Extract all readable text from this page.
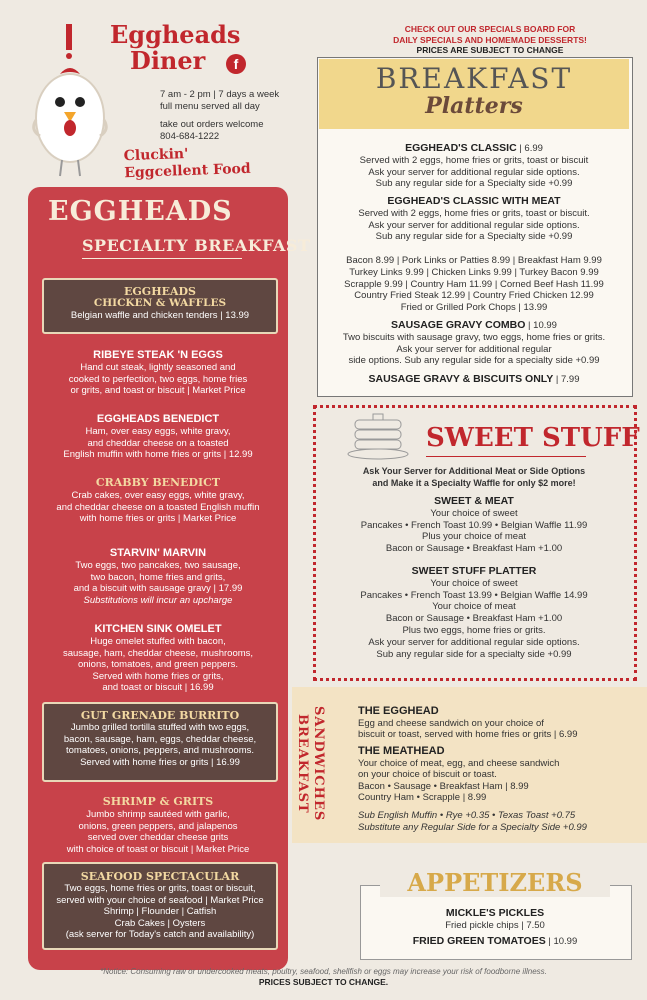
Eggheads
Diner	f
7 am - 2 pm | 7 days a week
full menu served all day
take out orders welcome
804-684-1222
Cluckin'
Eggcellent Food
CHECK OUT OUR SPECIALS BOARD FOR
DAILY SPECIALS AND HOMEMADE DESSERTS!
PRICES ARE SUBJECT TO CHANGE
EGGHEADS
SPECIALTY BREAKFAST
EGGHEADS
CHICKEN & WAFFLES
Belgian waffle and chicken tenders | 13.99
RIBEYE STEAK 'N EGGS
Hand cut steak, lightly seasoned and
cooked to perfection, two eggs, home fries
or grits, and toast or biscuit | Market Price
EGGHEADS BENEDICT
Ham, over easy eggs, white gravy,
and cheddar cheese on a toasted
English muffin with home fries or grits | 12.99
CRABBY BENEDICT
Crab cakes, over easy eggs, white gravy,
and cheddar cheese on a toasted English muffin
with home fries or grits | Market Price
STARVIN' MARVIN
Two eggs, two pancakes, two sausage,
two bacon, home fries and grits,
and a biscuit with sausage gravy | 17.99
Substitutions will incur an upcharge
KITCHEN SINK OMELET
Huge omelet stuffed with bacon,
sausage, ham, cheddar cheese, mushrooms,
onions, tomatoes, and green peppers.
Served with home fries or grits,
and toast or biscuit | 16.99
GUT GRENADE BURRITO
Jumbo grilled tortilla stuffed with two eggs,
bacon, sausage, ham, eggs, cheddar cheese,
tomatoes, onions, peppers, and mushrooms.
Served with home fries or grits | 16.99
SHRIMP & GRITS
Jumbo shrimp sautéed with garlic,
onions, green peppers, and jalapenos
served over cheddar cheese grits
with choice of toast or biscuit | Market Price
SEAFOOD SPECTACULAR
Two eggs, home fries or grits, toast or biscuit,
served with your choice of seafood | Market Price
Shrimp | Flounder | Catfish
Crab Cakes | Oysters
(ask server for Today's catch and availability)
BREAKFAST
Platters
EGGHEAD'S CLASSIC | 6.99
Served with 2 eggs, home fries or grits, toast or biscuit
Ask your server for additional regular side options.
Sub any regular side for a Specialty side +0.99
EGGHEAD'S CLASSIC WITH MEAT
Served with 2 eggs, home fries or grits, toast or biscuit.
Ask your server for additional regular side options.
Sub any regular side for a Specialty side +0.99
Bacon 8.99 | Pork Links or Patties 8.99 | Breakfast Ham 9.99
Turkey Links 9.99 | Chicken Links 9.99 | Turkey Bacon 9.99
Scrapple 9.99 | Country Ham 11.99 | Corned Beef Hash 11.99
Country Fried Steak 12.99 | Country Fried Chicken 12.99
Fried or Grilled Pork Chops | 13.99
SAUSAGE GRAVY COMBO | 10.99
Two biscuits with sausage gravy, two eggs, home fries or grits.
Ask your server for additional regular
side options. Sub any regular side for a specialty side +0.99
SAUSAGE GRAVY & BISCUITS ONLY | 7.99
SWEET STUFF
Ask Your Server for Additional Meat or Side Options
and Make it a Specialty Waffle for only $2 more!
SWEET & MEAT
Your choice of sweet
Pancakes • French Toast 10.99 • Belgian Waffle 11.99
Plus your choice of meat
Bacon or Sausage • Breakfast Ham +1.00
SWEET STUFF PLATTER
Your choice of sweet
Pancakes • French Toast 13.99 • Belgian Waffle 14.99
Your choice of meat
Bacon or Sausage • Breakfast Ham +1.00
Plus two eggs, home fries or grits.
Ask your server for additional regular side options.
Sub any regular side for a specialty side +0.99
BREAKFAST SANDWICHES	THE EGGHEAD
Egg and cheese sandwich on your choice of
biscuit or toast, served with home fries or grits | 6.99
THE MEATHEAD
Your choice of meat, egg, and cheese sandwich
on your choice of biscuit or toast.
Bacon • Sausage • Breakfast Ham | 8.99
Country Ham • Scrapple | 8.99
Sub English Muffin • Rye +0.35 • Texas Toast +0.75
Substitute any Regular Side for a Specialty Side +0.99
APPETIZERS
MICKLE'S PICKLES
Fried pickle chips | 7.50
FRIED GREEN TOMATOES | 10.99
*Notice: Consuming raw or undercooked meats, poultry, seafood, shellfish or eggs may increase your risk of foodborne illness.
PRICES SUBJECT TO CHANGE.
